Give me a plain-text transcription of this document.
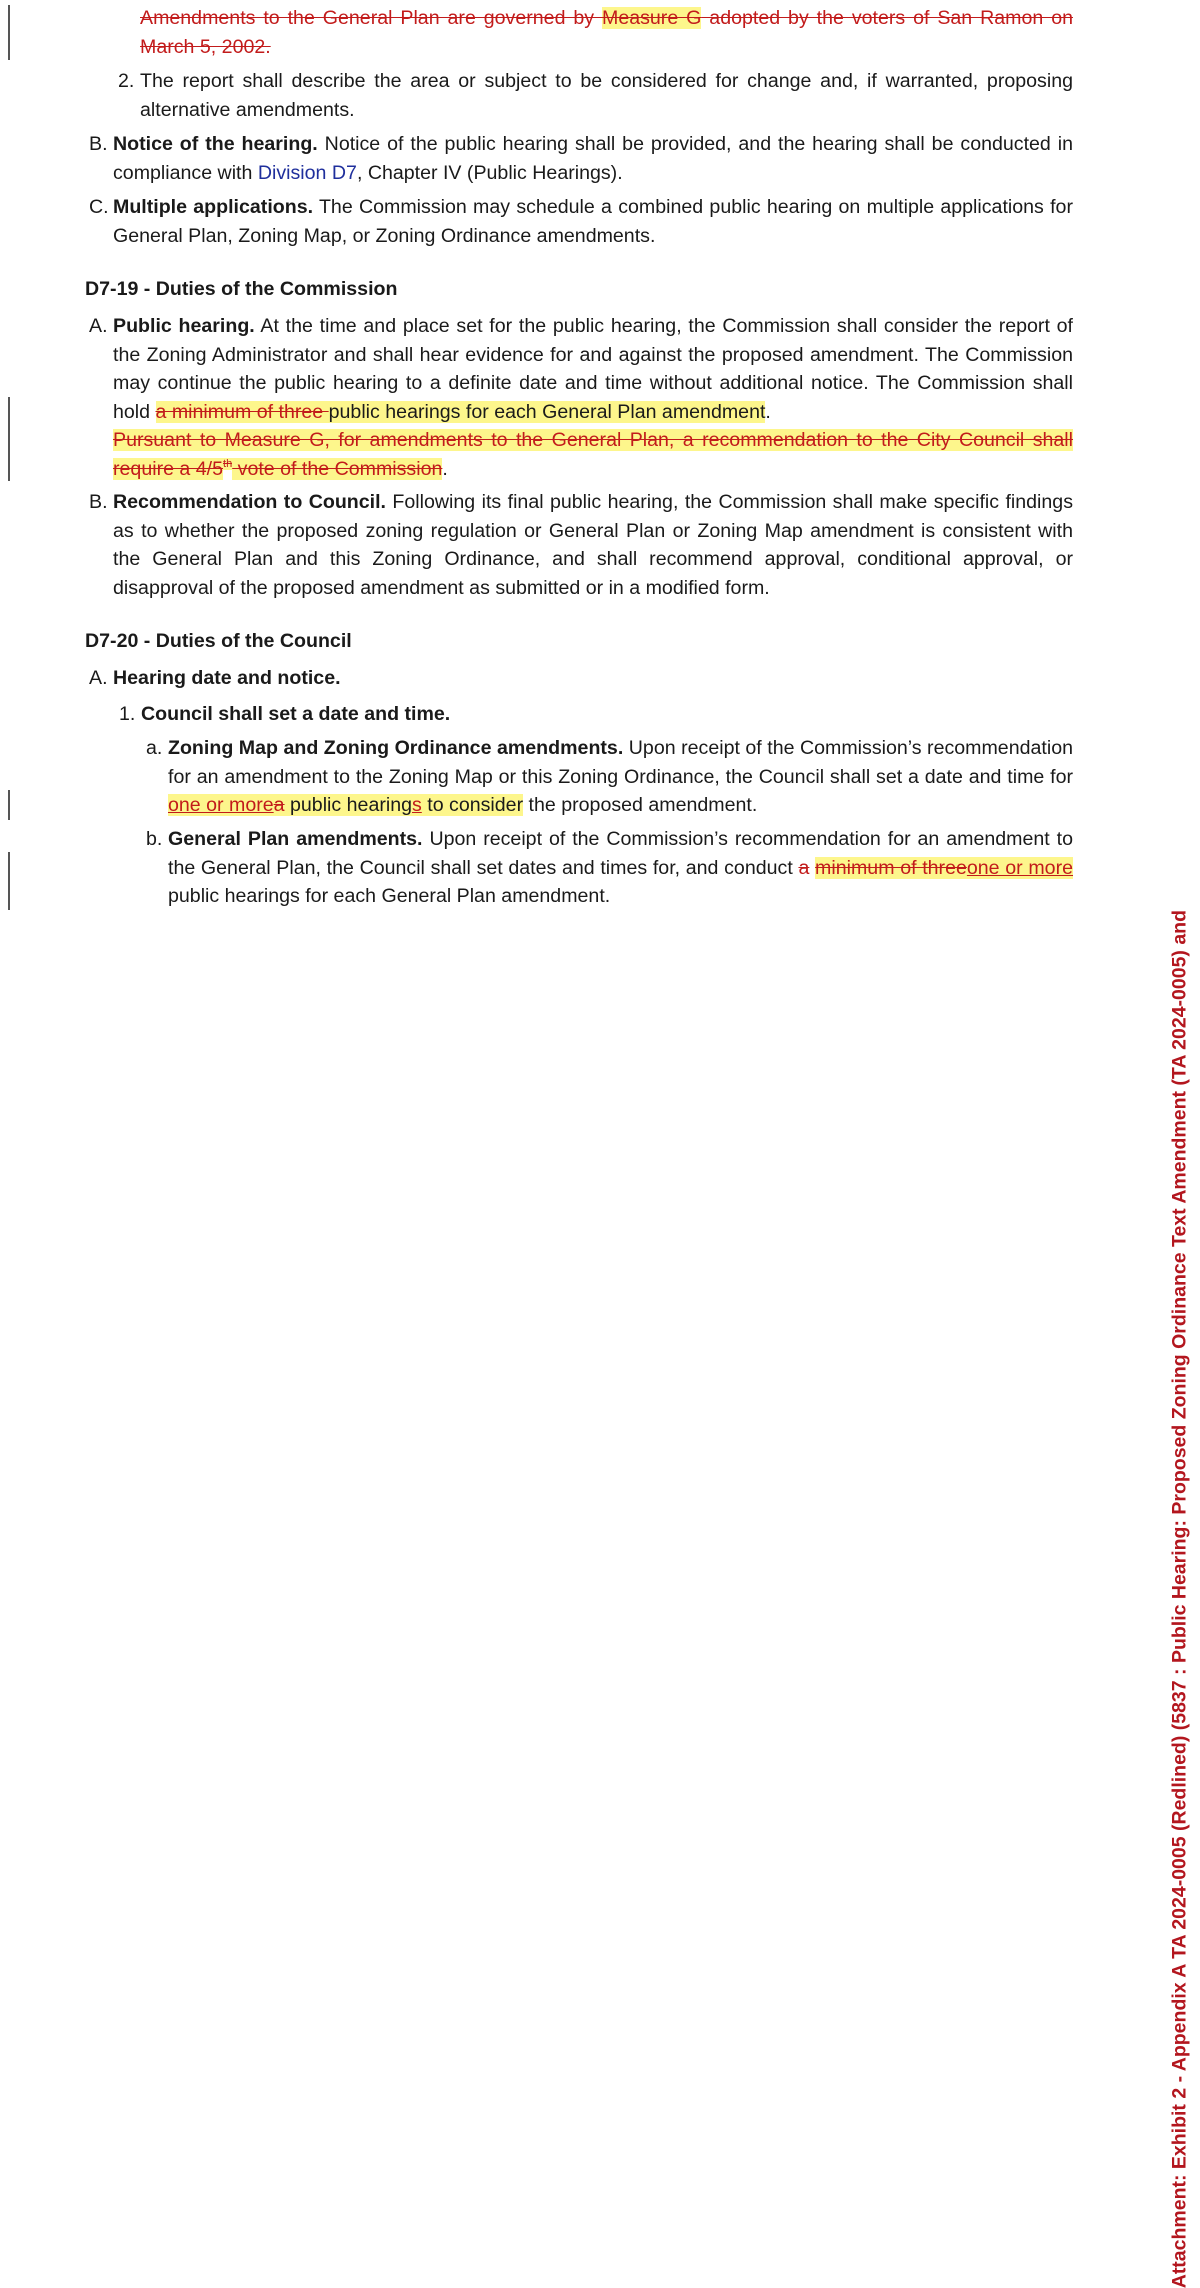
Amendments to the General Plan are governed by Measure G adopted by the voters of San Ramon on March 5, 2002.
2. The report shall describe the area or subject to be considered for change and, if warranted, proposing alternative amendments.
B. Notice of the hearing. Notice of the public hearing shall be provided, and the hearing shall be conducted in compliance with Division D7, Chapter IV (Public Hearings).
C. Multiple applications. The Commission may schedule a combined public hearing on multiple applications for General Plan, Zoning Map, or Zoning Ordinance amendments.
D7-19 - Duties of the Commission
A. Public hearing. At the time and place set for the public hearing, the Commission shall consider the report of the Zoning Administrator and shall hear evidence for and against the proposed amendment. The Commission may continue the public hearing to a definite date and time without additional notice. The Commission shall hold a minimum of three public hearings for each General Plan amendment.
Pursuant to Measure G, for amendments to the General Plan, a recommendation to the City Council shall require a 4/5th vote of the Commission.
B. Recommendation to Council. Following its final public hearing, the Commission shall make specific findings as to whether the proposed zoning regulation or General Plan or Zoning Map amendment is consistent with the General Plan and this Zoning Ordinance, and shall recommend approval, conditional approval, or disapproval of the proposed amendment as submitted or in a modified form.
D7-20 - Duties of the Council
A. Hearing date and notice.
1. Council shall set a date and time.
a. Zoning Map and Zoning Ordinance amendments. Upon receipt of the Commission’s recommendation for an amendment to the Zoning Map or this Zoning Ordinance, the Council shall set a date and time for one or morea public hearings to consider the proposed amendment.
b. General Plan amendments. Upon receipt of the Commission’s recommendation for an amendment to the General Plan, the Council shall set dates and times for, and conduct a minimum of threeone or more public hearings for each General Plan amendment.
Attachment: Exhibit 2 - Appendix A TA 2024-0005 (Redlined) (5837 : Public Hearing: Proposed Zoning Ordinance Text Amendment (TA 2024-0005) and
